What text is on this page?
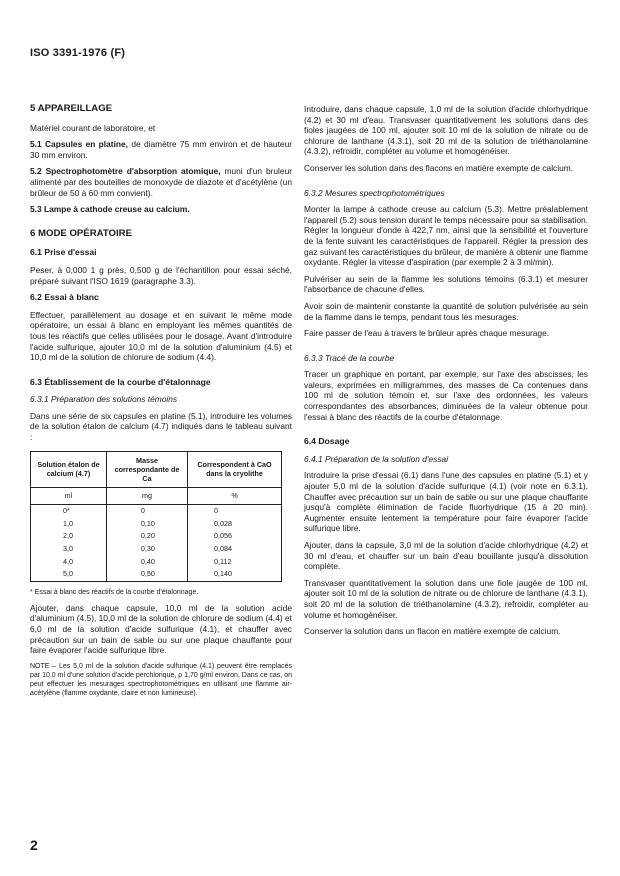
ISO 3391-1976 (F)
5 APPAREILLAGE

Matériel courant de laboratoire, et

5.1 Capsules en platine, de diamètre 75 mm environ et de hauteur 30 mm environ.

5.2 Spectrophotomètre d'absorption atomique, muni d'un bruleur alimenté par des bouteilles de monoxyde de diazote et d'acétylène (un brûleur de 50 à 60 mm convient).

5.3 Lampe à cathode creuse au calcium.

6 MODE OPÉRATOIRE
6.1 Prise d'essai

Peser, à 0,000 1 g près, 0,500 g de l'échantillon pour essai séché, préparé suivant l'ISO 1619 (paragraphe 3.3).

6.2 Essai à blanc

Effectuer, parallèlement au dosage et en suivant le même mode opératoire, un essai à blanc en employant les mêmes quantités de tous les réactifs que celles utilisées pour le dosage. Avant d'introduire l'acide sulfurique, ajouter 10,0 ml de la solution d'aluminium (4.5) et 10,0 ml de la solution de chlorure de sodium (4.4).

6.3 Établissement de la courbe d'étalonnage
6.3.1 Préparation des solutions témoins

Dans une série de six capsules en platine (5.1), introduire les volumes de la solution étalon de calcium (4.7) indiqués dans le tableau suivant :

Solution étalon de calcium (4.7)	Masse correspondante de Ca	Correspondent à CaO dans la cryolithe
ml	mg	%
0*	0	0
1,0	0,10	0,028
2,0	0,20	0,056
3,0	0,30	0,084
4,0	0,40	0,112
5,0	0,50	0,140

* Essai à blanc des réactifs de la courbe d'étalonnage.

Ajouter, dans chaque capsule, 10,0 ml de la solution acide d'aluminium (4.5), 10,0 ml de la solution de chlorure de sodium (4.4) et 6,0 ml de la solution d'acide sulfurique (4.1), et chauffer avec précaution sur un bain de sable ou sur une plaque chauffante pour faire évaporer l'acide sulfurique libre.

NOTE – Les 5,0 ml de la solution d'acide sulfurique (4.1) peuvent être remplacés par 10,0 ml d'une solution d'acide perchlorique, ρ 1,70 g/ml environ. Dans ce cas, on peut effectuer les mesurages spectrophotométriques en utilisant une flamme air-acétylène (flamme oxydante, claire et non lumineuse).

Introduire, dans chaque capsule, 1,0 ml de la solution d'acide chlorhydrique (4.2) et 30 ml d'eau. Transvaser quantitativement les solutions dans des fioles jaugées de 100 ml, ajouter soit 10 ml de la solution de nitrate ou de chlorure de lanthane (4.3.1), soit 20 ml de la solution de triéthanolamine (4.3.2), refroidir, compléter au volume et homogénéiser.

Conserver les solution dans des flacons en matière exempte de calcium.

6.3.2 Mesures spectrophotométriques

Monter la lampe à cathode creuse au calcium (5.3). Mettre préalablement l'appareil (5.2) sous tension durant le temps nécessaire pour sa stabilisation. Régler la longueur d'onde à 422,7 nm, ainsi que la sensibilité et l'ouverture de la fente suivant les caractéristiques de l'appareil. Régler la pression des gaz suivant les caractéristiques du brûleur, de manière à obtenir une flamme oxydante. Régler la vitesse d'aspiration (par exemple 2 à 3 ml/min).

Pulvériser au sein de la flamme les solutions témoins (6.3.1) et mesurer l'absorbance de chacune d'elles.

Avoir soin de maintenir constante la quantité de solution pulvérisée au sein de la flamme dans le temps, pendant tous les mesurages.

Faire passer de l'eau à travers le brûleur après chaque mesurage.

6.3.3 Tracé de la courbe

Tracer un graphique en portant, par exemple, sur l'axe des abscisses, les valeurs, exprimées en milligrammes, des masses de Ca contenues dans 100 ml de solution témoin et, sur l'axe des ordonnées, les valeurs correspondantes des absorbances, diminuées de la valeur obtenue pour l'essai à blanc des réactifs de la courbe d'étalonnage.

6.4 Dosage
6.4.1 Préparation de la solution d'essai

Introduire la prise d'essai (6.1) dans l'une des capsules en platine (5.1) et y ajouter 5,0 ml de la solution d'acide sulfurique (4.1) (voir note en 6.3.1). Chauffer avec précaution sur un bain de sable ou sur une plaque chauffante jusqu'à complète élimination de l'acide fluorhydrique (15 à 20 min). Augmenter ensuite lentement la température pour faire évaporer l'acide sulfurique libre.

Ajouter, dans la capsule, 3,0 ml de la solution d'acide chlorhydrique (4.2) et 30 ml d'eau, et chauffer sur un bain d'eau bouillante jusqu'à dissolution complète.

Transvaser quantitativement la solution dans une fiole jaugée de 100 ml, ajouter soit 10 ml de la solution de nitrate ou de chlorure de lanthane (4.3.1), soit 20 ml de la solution de triéthanolamine (4.3.2), refroidir, compléter au volume et homogénéiser.

Conserver la solution dans un flacon en matière exempte de calcium.

2
